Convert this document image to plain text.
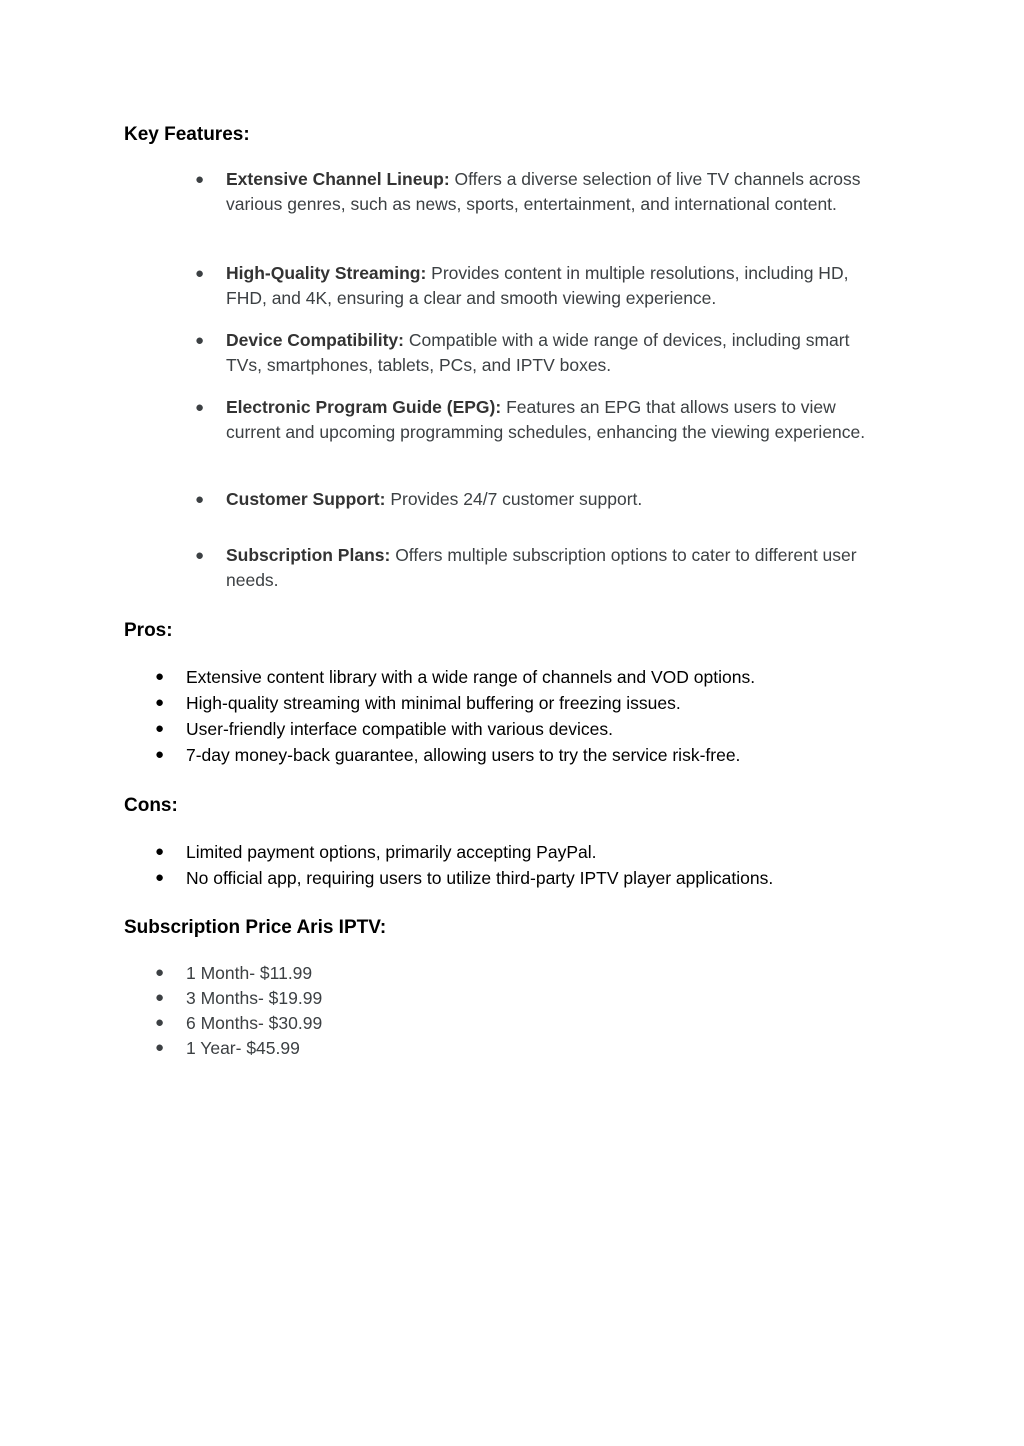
Key Features:
● Extensive Channel Lineup: Offers a diverse selection of live TV channels across various genres, such as news, sports, entertainment, and international content.
● High-Quality Streaming: Provides content in multiple resolutions, including HD, FHD, and 4K, ensuring a clear and smooth viewing experience.
● Device Compatibility: Compatible with a wide range of devices, including smart TVs, smartphones, tablets, PCs, and IPTV boxes.
● Electronic Program Guide (EPG): Features an EPG that allows users to view current and upcoming programming schedules, enhancing the viewing experience.
● Customer Support: Provides 24/7 customer support.
● Subscription Plans: Offers multiple subscription options to cater to different user needs.
Pros:
● Extensive content library with a wide range of channels and VOD options.
● High-quality streaming with minimal buffering or freezing issues.
● User-friendly interface compatible with various devices.
● 7-day money-back guarantee, allowing users to try the service risk-free.
Cons:
● Limited payment options, primarily accepting PayPal.
● No official app, requiring users to utilize third-party IPTV player applications.
Subscription Price Aris IPTV:
● 1 Month- $11.99
● 3 Months- $19.99
● 6 Months- $30.99
● 1 Year- $45.99
